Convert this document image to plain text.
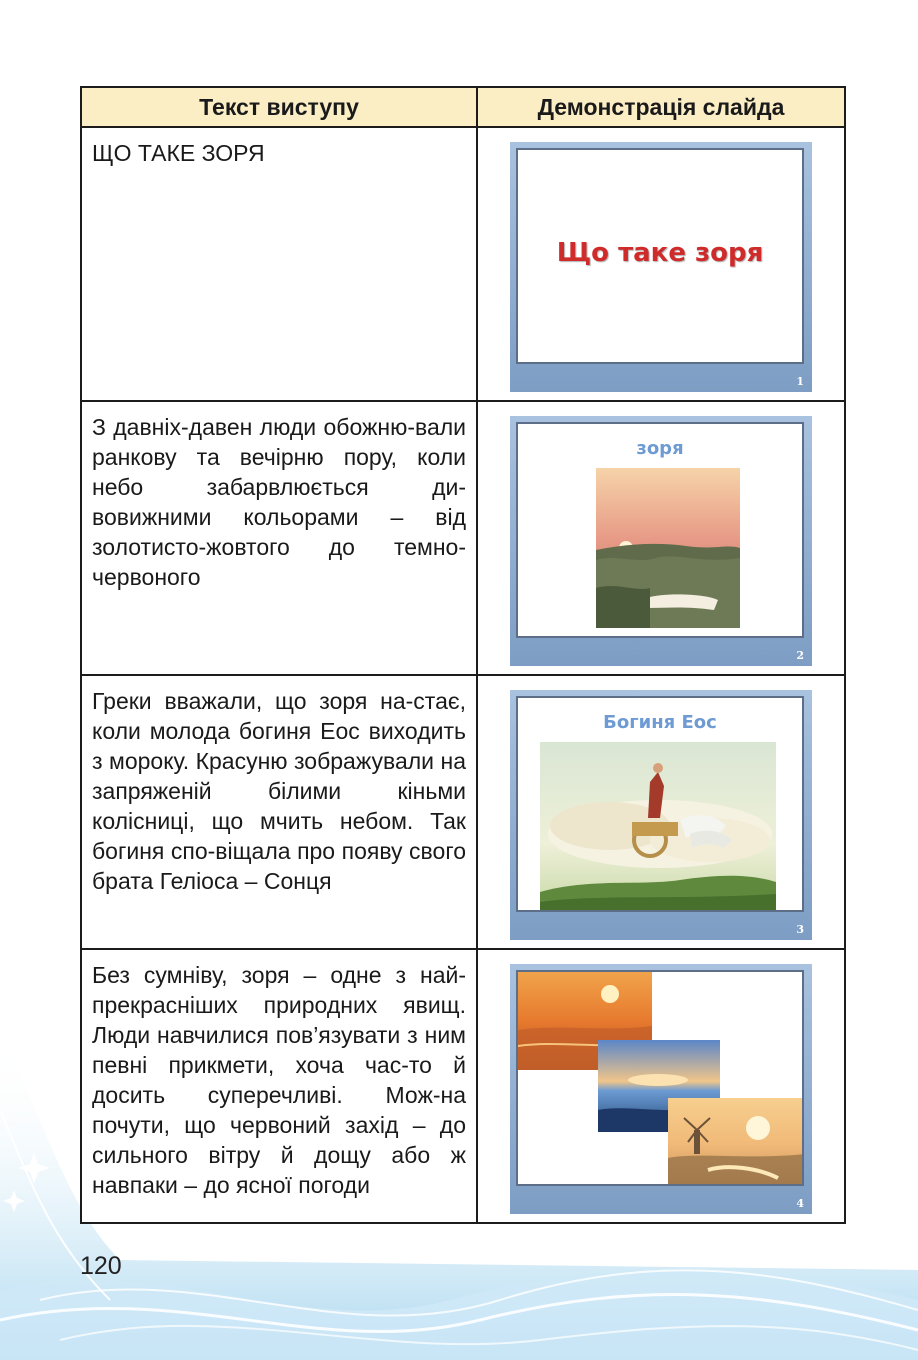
Текст виступу	Демонстрація слайда

ЩО ТАКЕ ЗОРЯ	Що таке зоря
1

З давніх-давен люди обожню-вали ранкову та вечірню пору, коли небо забарвлюється ди-вовижними кольорами – від золотисто-жовтого до темно-червоного	зоря
2

Греки вважали, що зоря на-стає, коли молода богиня Еос виходить з мороку. Красуню зображували на запряженій білими кіньми колісниці, що мчить небом. Так богиня спо-віщала про появу свого брата Геліоса – Сонця	Богиня Еос
3

Без сумніву, зоря – одне з най-прекрасніших природних явищ. Люди навчилися пов’язувати з ним певні прикмети, хоча час-то й досить суперечливі. Мож-на почути, що червоний захід – до сильного вітру й дощу або ж навпаки – до ясної погоди	4
120
